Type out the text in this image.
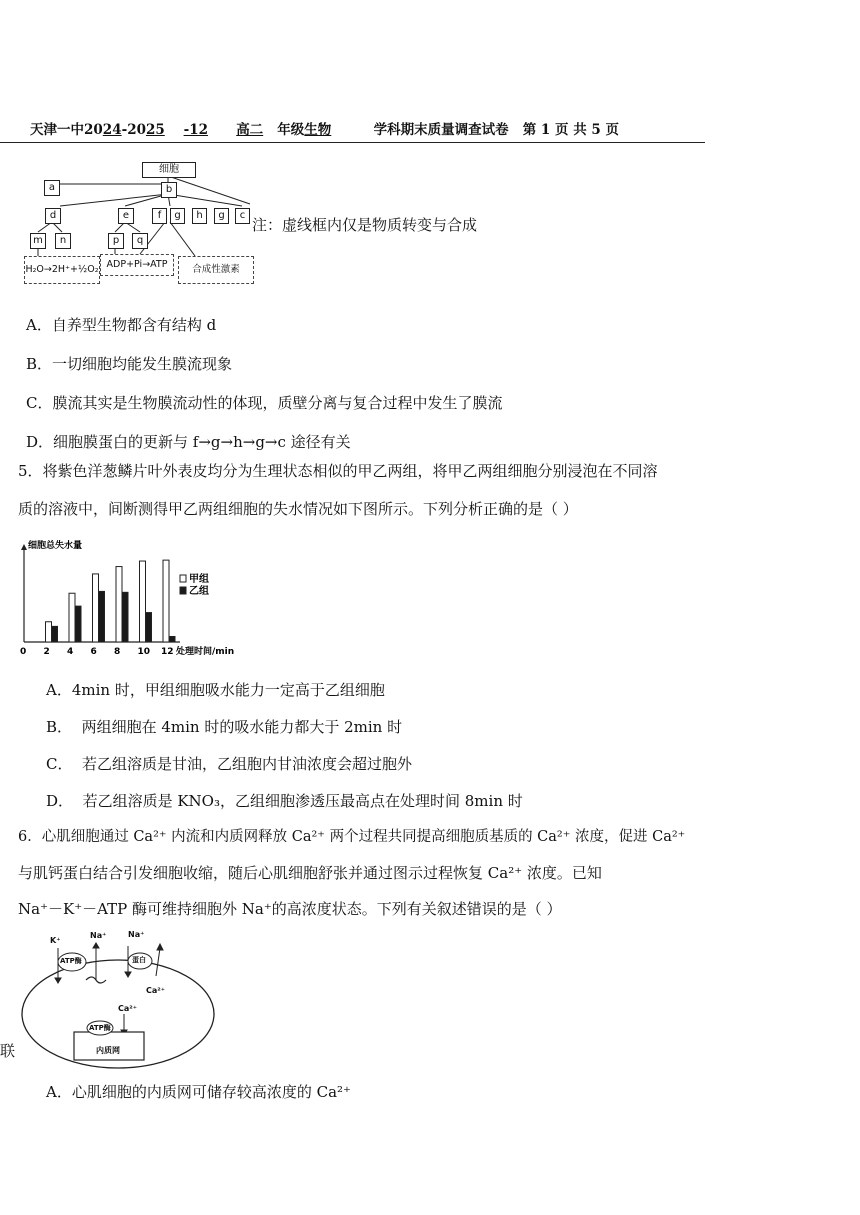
天津一中2024-2025 -12 高二 年级生物	学科期末质量调查试卷 第 1 页 共 5 页
细胞
a	b
d	e	f	g	h	g	c
m	n	p	q
H₂O→2H⁺+½O₂ ADP+Pi→ATP	合成性激素
注：虚线框内仅是物质转变与合成
A．自养型生物都含有结构 d
B．一切细胞均能发生膜流现象
C．膜流其实是生物膜流动性的体现，质壁分离与复合过程中发生了膜流
D．细胞膜蛋白的更新与 f→g→h→g→c 途径有关
5．将紫色洋葱鳞片叶外表皮均分为生理状态相似的甲乙两组，将甲乙两组细胞分别浸泡在不同溶
质的溶液中，间断测得甲乙两组细胞的失水情况如下图所示。下列分析正确的是（ ）
细胞总失水量
0 2 4 6 8 10 12 处理时间/min
甲组
乙组
A．4min 时，甲组细胞吸水能力一定高于乙组细胞
B． 两组细胞在 4min 时的吸水能力都大于 2min 时
C． 若乙组溶质是甘油，乙组胞内甘油浓度会超过胞外
D． 若乙组溶质是 KNO₃，乙组细胞渗透压最高点在处理时间 8min 时
6．心肌细胞通过 Ca²⁺ 内流和内质网释放 Ca²⁺ 两个过程共同提高细胞质基质的 Ca²⁺ 浓度，促进 Ca²⁺
与肌钙蛋白结合引发细胞收缩，随后心肌细胞舒张并通过图示过程恢复 Ca²⁺ 浓度。已知
Na⁺－K⁺－ATP 酶可维持细胞外 Na⁺的高浓度状态。下列有关叙述错误的是（ ）
K⁺
Na⁺	Na⁺
ATP酶	蛋白
Ca²⁺
Ca²⁺
ATP酶
内质网
联
A．心肌细胞的内质网可储存较高浓度的 Ca²⁺
